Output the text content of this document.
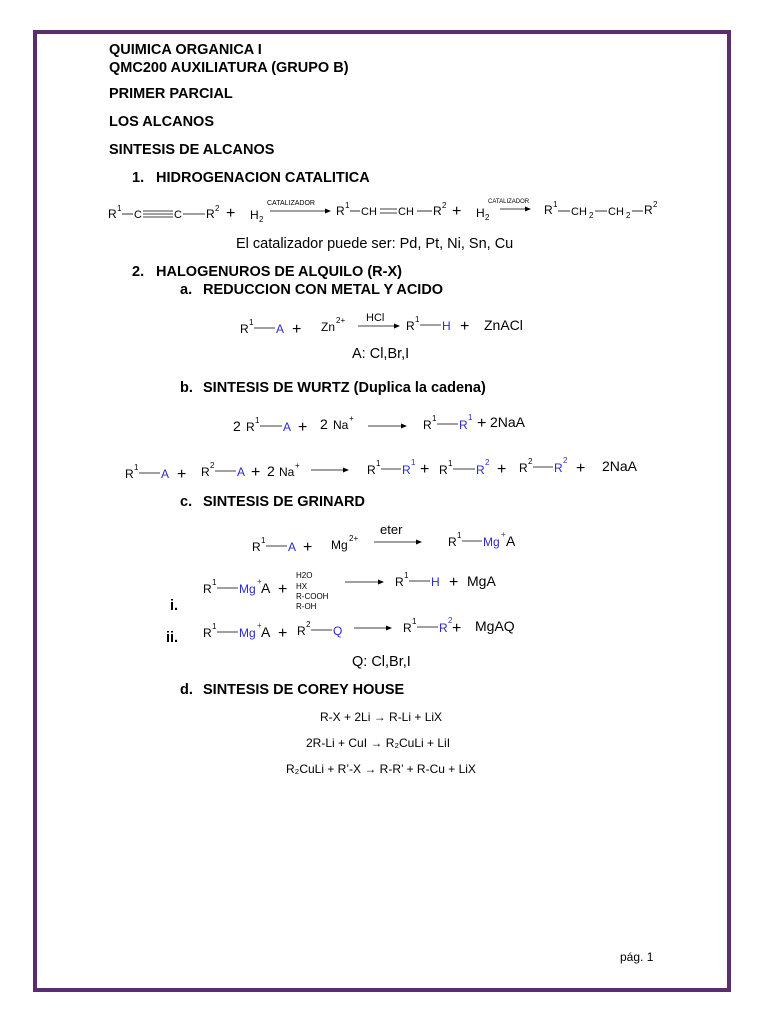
QUIMICA ORGANICA I
QMC200 AUXILIATURA (GRUPO B)
PRIMER PARCIAL
LOS ALCANOS
SINTESIS DE ALCANOS
1. HIDROGENACION CATALITICA
R 1
C	C R 2 + H 2
CATALIZADOR
R 1
CH CH R 2 + H 2
CATALIZADOR
R 1
CH 2 CH 2 R 2
El catalizador puede ser: Pd, Pt, Ni, Sn, Cu
2. HALOGENUROS DE ALQUILO (R-X)
a. REDUCCION CON METAL Y ACIDO
R 1 A + Zn 2+ HCl
R 1 H + ZnACl
A: Cl,Br,I
b. SINTESIS DE WURTZ (Duplica la cadena)
2 R 1 A + 2 Na +	R 1 R
1 + 2NaA
R 1 A + R 2 A + 2 Na +	R 1 R
1 + R 1 R
2 + R 2 R
2 + 2NaA
c. SINTESIS DE GRINARD
R 1 A + Mg 2+
eter
R 1 Mg
+ A
R 1 Mg
+ A +
H2O
HX
R-COOH
R-OH
R 1 H + MgA
i.
ii. R 1 Mg
+ A + R 2 Q	R 1 R
2 + MgAQ
Q: Cl,Br,I
d. SINTESIS DE COREY HOUSE
R-X + 2Li → R-Li + LiX
2R-Li + CuI → R₂CuLi + LiI
R₂CuLi + R’-X → R-R’ + R-Cu + LiX
pág. 1
